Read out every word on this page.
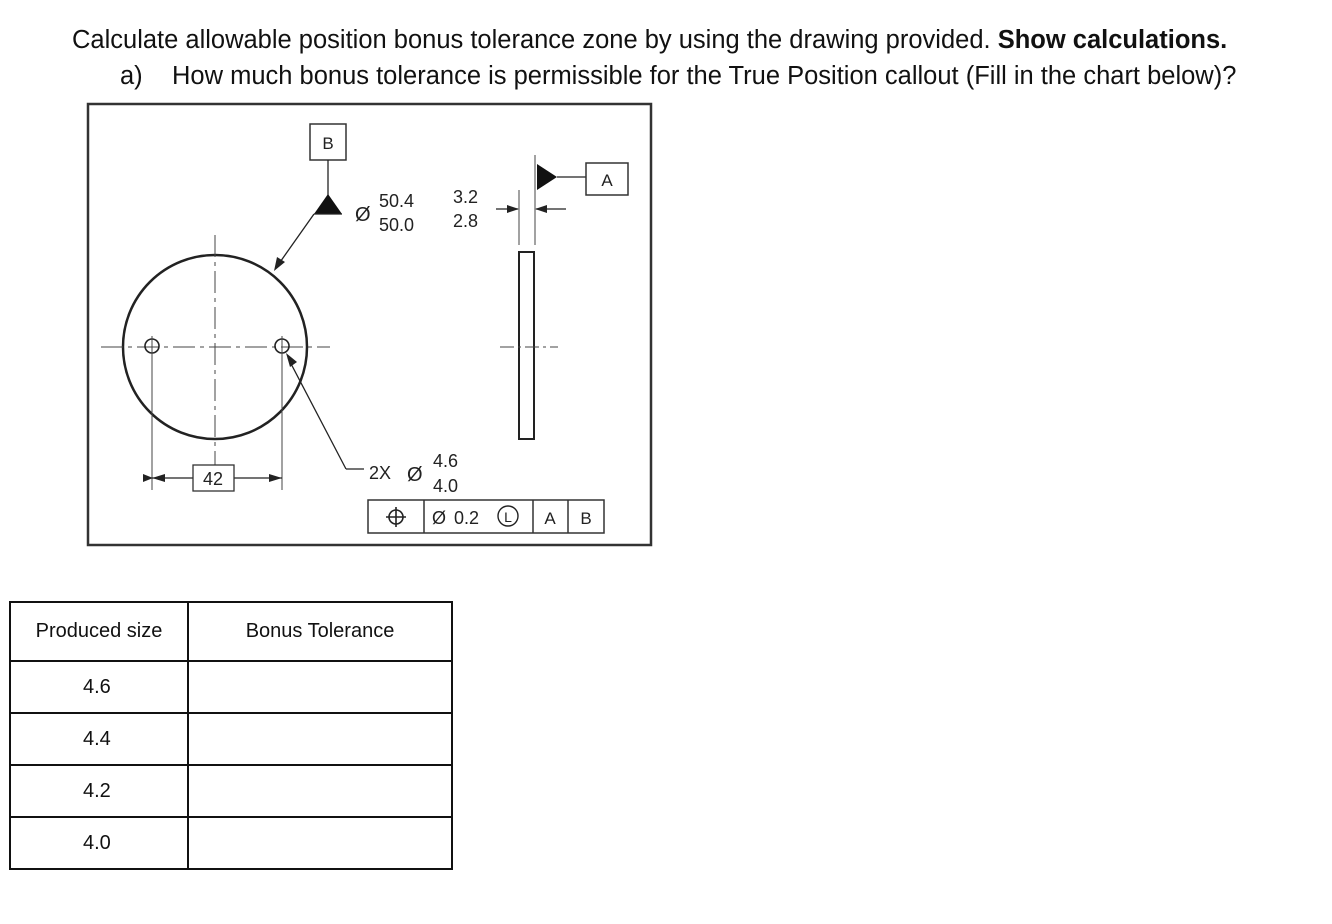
Calculate allowable position bonus tolerance zone by using the drawing provided. Show calculations.
a) How much bonus tolerance is permissible for the True Position callout (Fill in the chart below)?
42
B
Ø
50.4
50.0
3.2
2.8
A
2X Ø
4.6
4.0
Ø 0.2 L A B
Produced size	Bonus Tolerance
4.6	
4.4	
4.2	
4.0	
